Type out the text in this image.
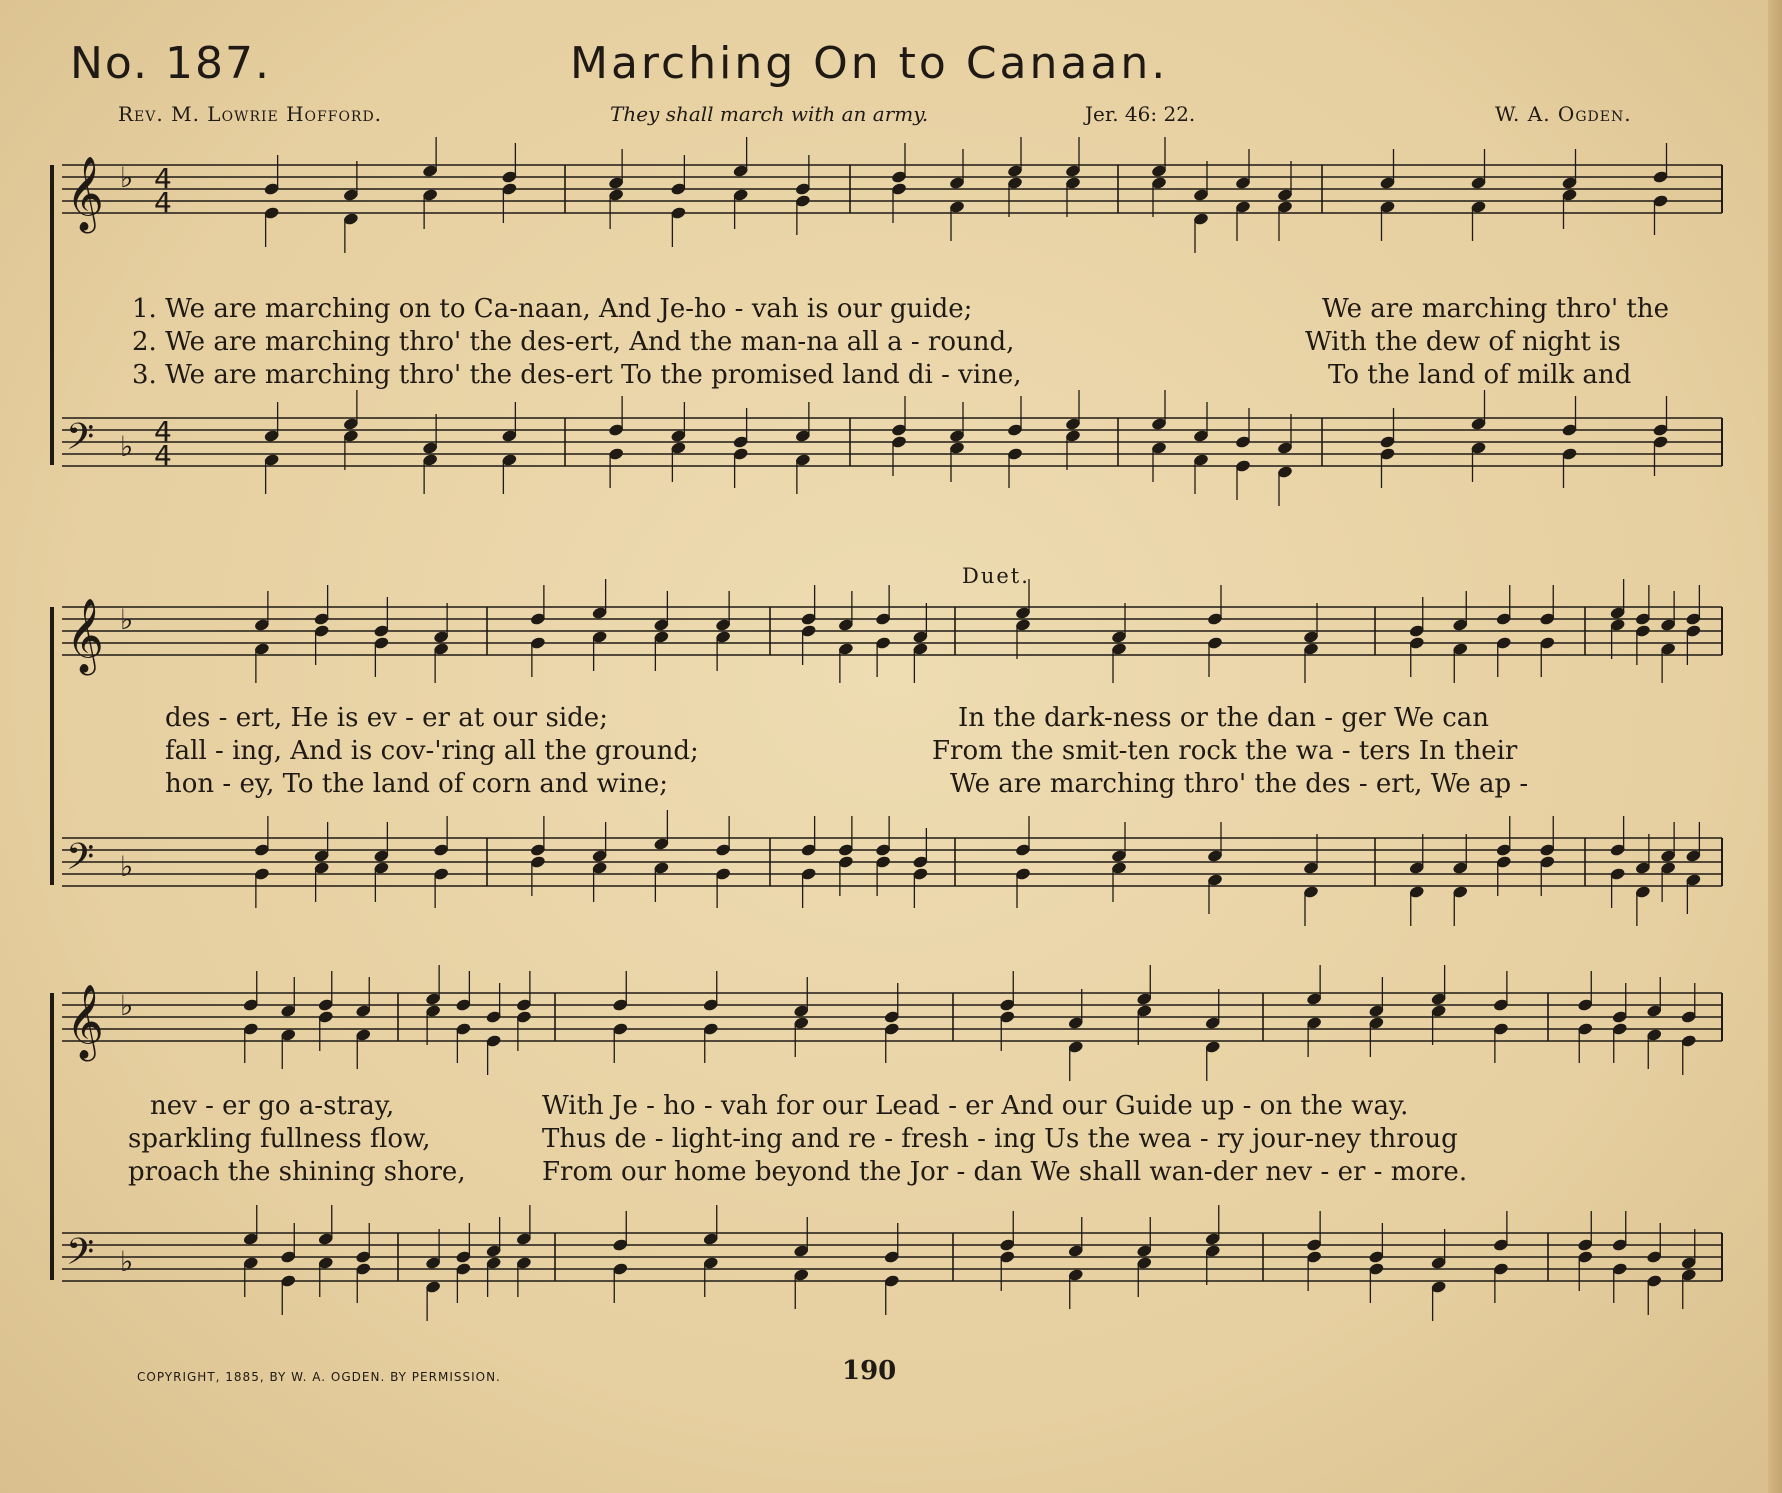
No. 187.	Marching On to Canaan.
Rev. M. Lowrie Hofford.	They shall march with an army.	Jer. 46: 22.	W. A. Ogden.
Duet.
𝄞 ♭ 4
4
𝄢 ♭ 4
4
𝄞 ♭
𝄢 ♭
𝄞 ♭
𝄢 ♭
1. We are marching on to Ca-naan, And Je-ho - vah is our guide;
2. We are marching thro' the des-ert, And the man-na all a - round,
3. We are marching thro' the des-ert To the promised land di - vine,
We are marching thro' the
With the dew of night is
To the land of milk and
des - ert, He is ev - er at our side;
fall - ing, And is cov-'ring all the ground;
hon - ey, To the land of corn and wine;
In the dark-ness or the dan - ger We can
From the smit-ten rock the wa - ters In their
We are marching thro' the des - ert, We ap -
nev - er go a-stray,
sparkling fullness flow,
proach the shining shore,
With Je - ho - vah for our Lead - er And our Guide up - on the way.
Thus de - light-ing and re - fresh - ing Us the wea - ry jour-ney throug
From our home beyond the Jor - dan We shall wan-der nev - er - more.
COPYRIGHT, 1885, BY W. A. OGDEN. BY PERMISSION.	190
